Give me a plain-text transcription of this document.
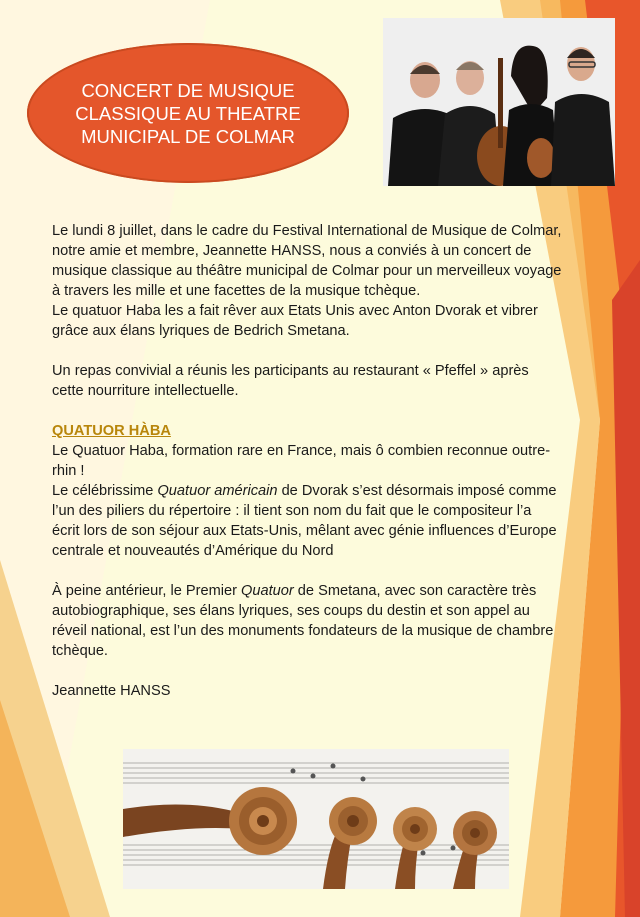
CONCERT DE MUSIQUE CLASSIQUE AU THEATRE MUNICIPAL DE COLMAR

Le lundi 8 juillet, dans le cadre du Festival International de Musique de Colmar, notre amie et membre, Jeannette HANSS, nous a conviés à un concert de musique classique au théâtre municipal de Colmar pour un merveilleux voyage à travers les mille et une facettes de la musique tchèque.

Le quatuor Haba les a fait rêver aux Etats Unis avec Anton Dvorak et vibrer grâce aux élans lyriques de Bedrich Smetana.

Un repas convivial a réunis les participants au restaurant « Pfeffel » après cette nourriture intellectuelle.

QUATUOR HÀBA

Le Quatuor Haba, formation rare en France, mais ô combien reconnue outre-rhin !

Le célébrissime Quatuor américain de Dvorak s’est désormais imposé comme l’un des piliers du répertoire : il tient son nom du fait que le compositeur l’a écrit lors de son séjour aux Etats-Unis, mêlant avec génie influences d’Europe centrale et nouveautés d’Amérique du Nord

À peine antérieur, le Premier Quatuor de Smetana, avec son caractère très autobiographique, ses élans lyriques, ses coups du destin et son appel au réveil national, est l’un des monuments fondateurs de la musique de chambre tchèque.

Jeannette HANSS
